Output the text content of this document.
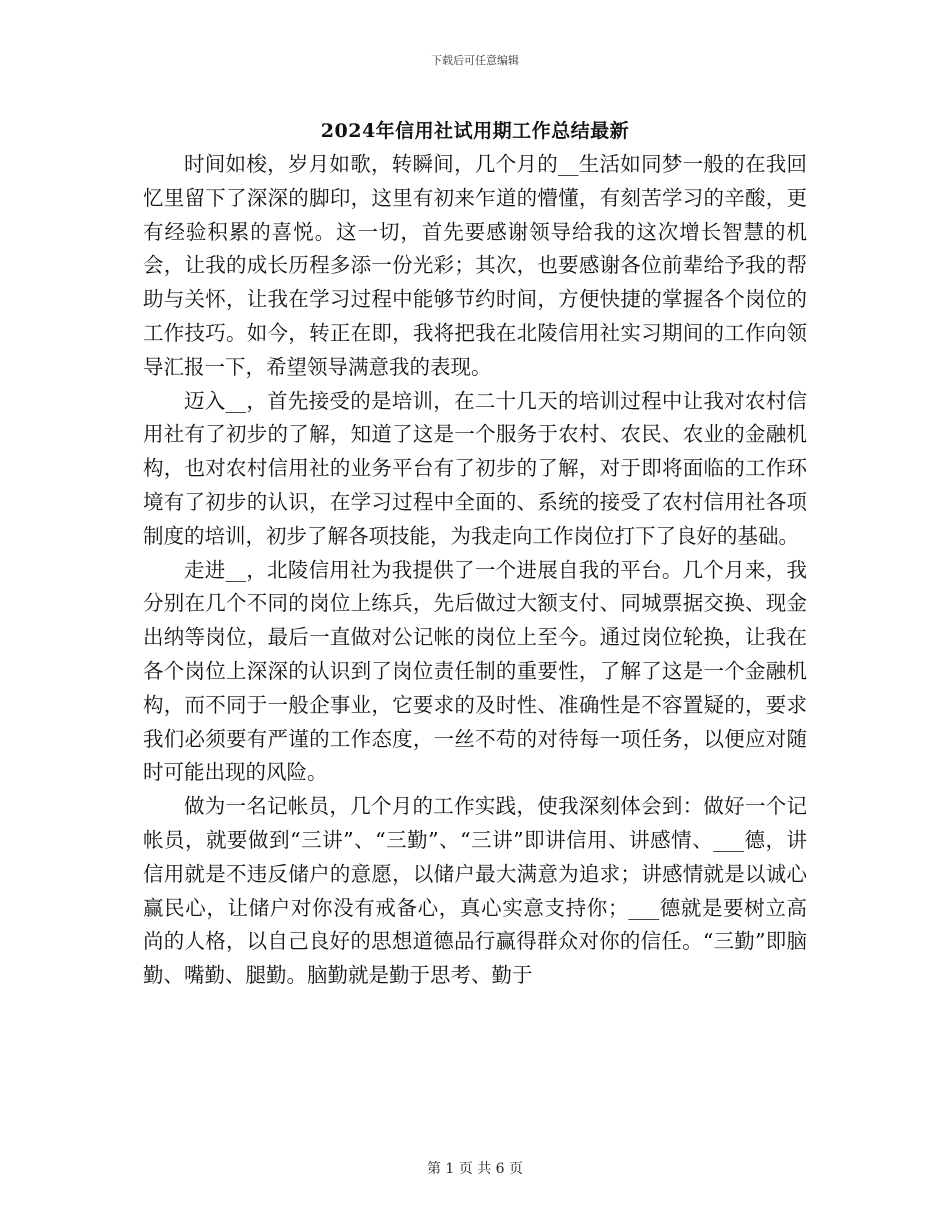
下载后可任意编辑
2024年信用社试用期工作总结最新

时间如梭，岁月如歌，转瞬间，几个月的__生活如同梦一般的在我回忆里留下了深深的脚印，这里有初来乍道的懵懂，有刻苦学习的辛酸，更有经验积累的喜悦。这一切，首先要感谢领导给我的这次增长智慧的机会，让我的成长历程多添一份光彩；其次，也要感谢各位前辈给予我的帮助与关怀，让我在学习过程中能够节约时间，方便快捷的掌握各个岗位的工作技巧。如今，转正在即，我将把我在北陵信用社实习期间的工作向领导汇报一下，希望领导满意我的表现。

迈入__，首先接受的是培训，在二十几天的培训过程中让我对农村信用社有了初步的了解，知道了这是一个服务于农村、农民、农业的金融机构，也对农村信用社的业务平台有了初步的了解，对于即将面临的工作环境有了初步的认识，在学习过程中全面的、系统的接受了农村信用社各项制度的培训，初步了解各项技能，为我走向工作岗位打下了良好的基础。

走进__，北陵信用社为我提供了一个进展自我的平台。几个月来，我分别在几个不同的岗位上练兵，先后做过大额支付、同城票据交换、现金出纳等岗位，最后一直做对公记帐的岗位上至今。通过岗位轮换，让我在各个岗位上深深的认识到了岗位责任制的重要性，了解了这是一个金融机构，而不同于一般企事业，它要求的及时性、准确性是不容置疑的，要求我们必须要有严谨的工作态度，一丝不苟的对待每一项任务，以便应对随时可能出现的风险。

做为一名记帐员，几个月的工作实践，使我深刻体会到：做好一个记帐员，就要做到“三讲”、“三勤”、“三讲”即讲信用、讲感情、___德，讲信用就是不违反储户的意愿，以储户最大满意为追求；讲感情就是以诚心赢民心，让储户对你没有戒备心，真心实意支持你；___德就是要树立高尚的人格，以自己良好的思想道德品行赢得群众对你的信任。“三勤”即脑勤、嘴勤、腿勤。脑勤就是勤于思考、勤于

第 1 页 共 6 页
